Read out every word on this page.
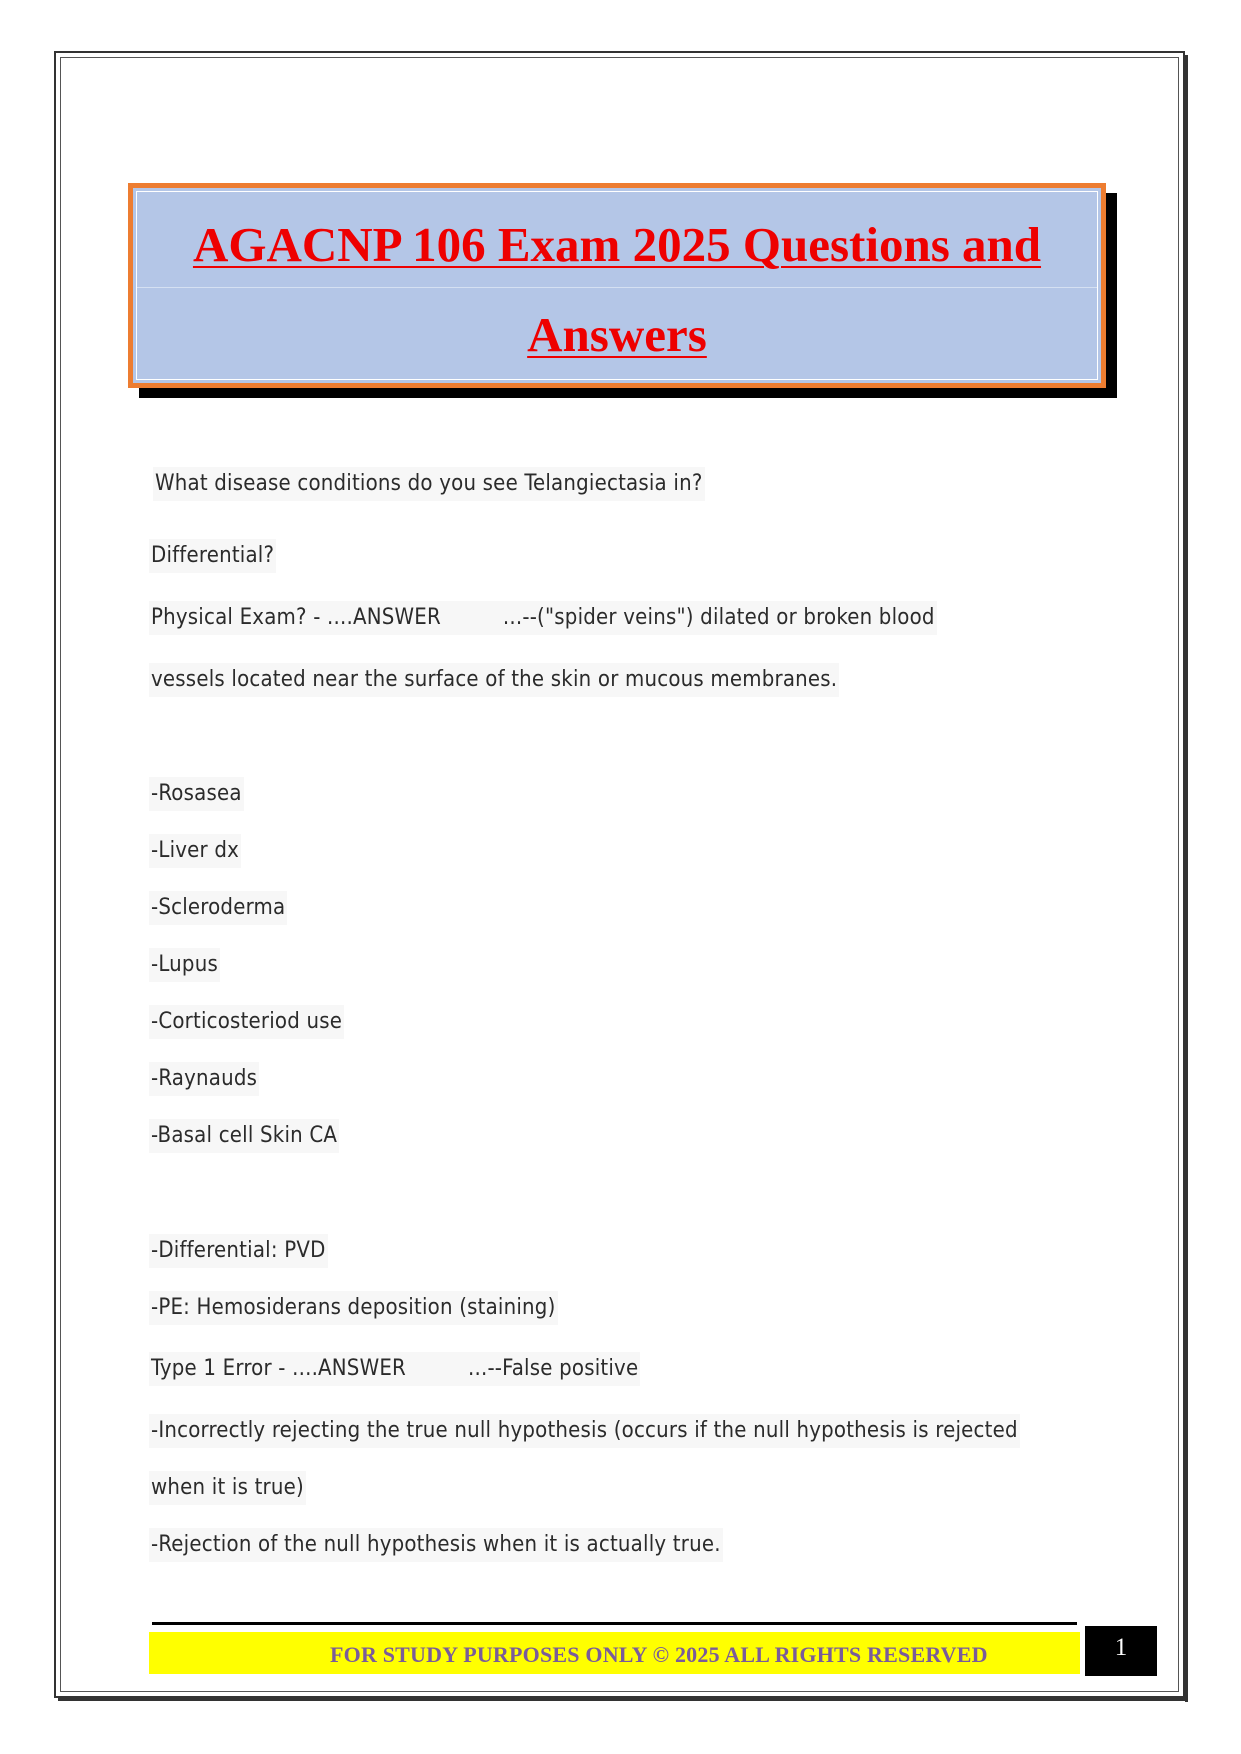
AGACNP 106 Exam 2025 Questions and
Answers
What disease conditions do you see Telangiectasia in?
Differential?
Physical Exam? - ....ANSWER	...--("spider veins") dilated or broken blood
vessels located near the surface of the skin or mucous membranes.
-Rosasea
-Liver dx
-Scleroderma
-Lupus
-Corticosteriod use
-Raynauds
-Basal cell Skin CA
-Differential: PVD
-PE: Hemosiderans deposition (staining)
Type 1 Error - ....ANSWER	...--False positive
-Incorrectly rejecting the true null hypothesis (occurs if the null hypothesis is rejected
when it is true)
-Rejection of the null hypothesis when it is actually true.
FOR STUDY PURPOSES ONLY © 2025 ALL RIGHTS RESERVED	1
